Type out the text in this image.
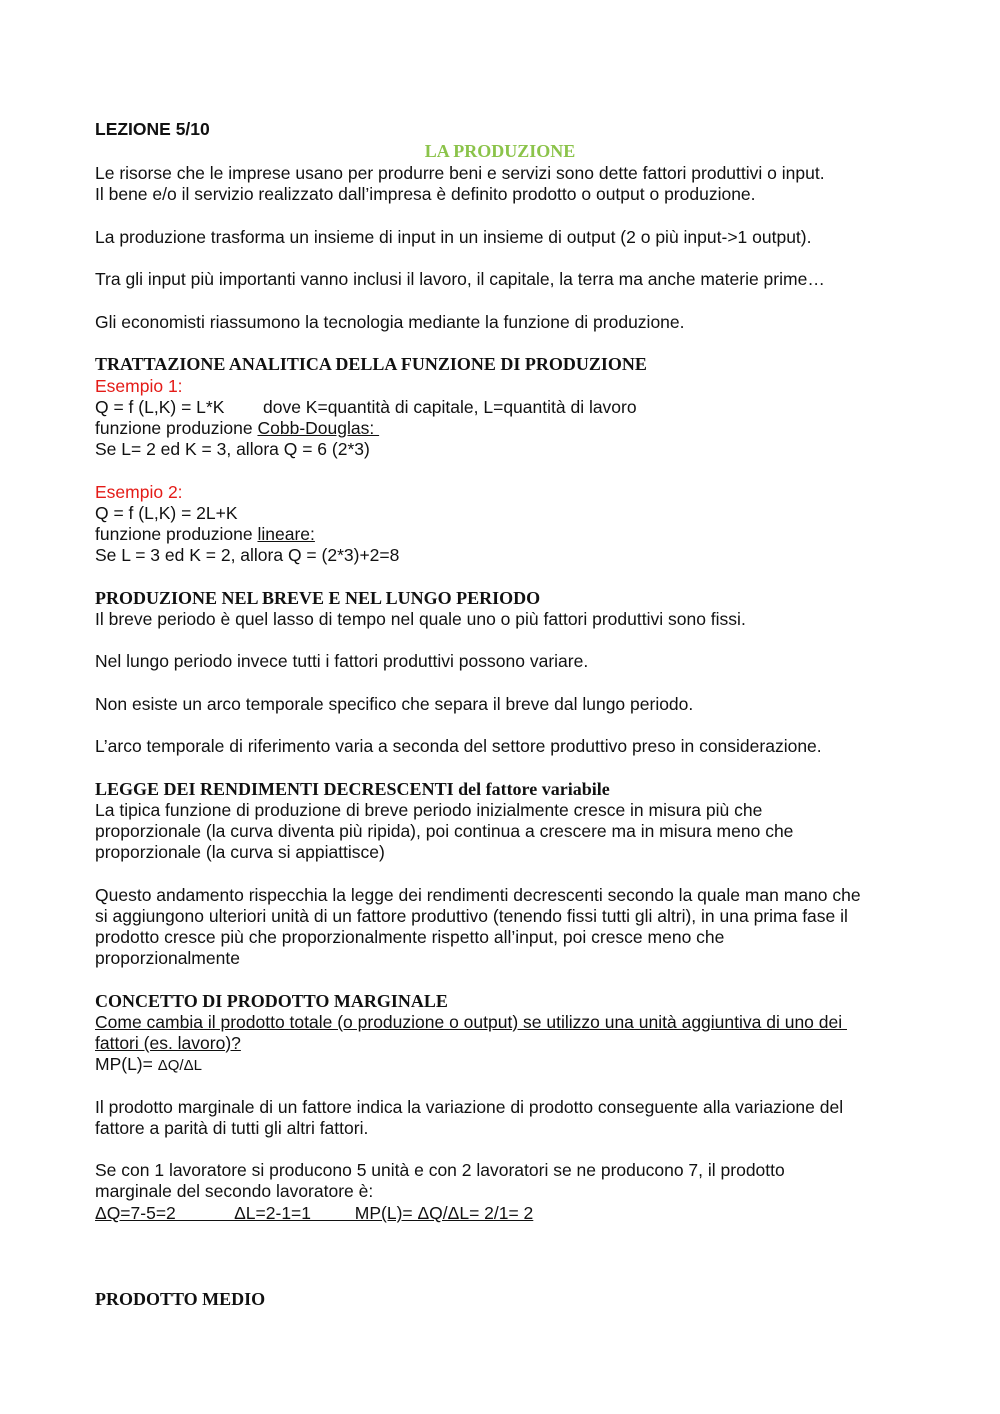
LEZIONE 5/10
LA PRODUZIONE
Le risorse che le imprese usano per produrre beni e servizi sono dette fattori produttivi o input.
Il bene e/o il servizio realizzato dall’impresa è definito prodotto o output o produzione.
La produzione trasforma un insieme di input in un insieme di output (2 o più input->1 output).
Tra gli input più importanti vanno inclusi il lavoro, il capitale, la terra ma anche materie prime…
Gli economisti riassumono la tecnologia mediante la funzione di produzione.
TRATTAZIONE ANALITICA DELLA FUNZIONE DI PRODUZIONE
Esempio 1:
Q = f (L,K) = L*K dove K=quantità di capitale, L=quantità di lavoro
funzione produzione Cobb-Douglas:
Se L= 2 ed K = 3, allora Q = 6 (2*3)
Esempio 2:
Q = f (L,K) = 2L+K
funzione produzione lineare:
Se L = 3 ed K = 2, allora Q = (2*3)+2=8
PRODUZIONE NEL BREVE E NEL LUNGO PERIODO
Il breve periodo è quel lasso di tempo nel quale uno o più fattori produttivi sono fissi.
Nel lungo periodo invece tutti i fattori produttivi possono variare.
Non esiste un arco temporale specifico che separa il breve dal lungo periodo.
L’arco temporale di riferimento varia a seconda del settore produttivo preso in considerazione.
LEGGE DEI RENDIMENTI DECRESCENTI del fattore variabile
La tipica funzione di produzione di breve periodo inizialmente cresce in misura più che
proporzionale (la curva diventa più ripida), poi continua a crescere ma in misura meno che
proporzionale (la curva si appiattisce)
Questo andamento rispecchia la legge dei rendimenti decrescenti secondo la quale man mano che
si aggiungono ulteriori unità di un fattore produttivo (tenendo fissi tutti gli altri), in una prima fase il
prodotto cresce più che proporzionalmente rispetto all’input, poi cresce meno che
proporzionalmente
CONCETTO DI PRODOTTO MARGINALE
Come cambia il prodotto totale (o produzione o output) se utilizzo una unità aggiuntiva di uno dei
fattori (es. lavoro)?
MP(L)= ΔQ/ΔL
Il prodotto marginale di un fattore indica la variazione di prodotto conseguente alla variazione del
fattore a parità di tutti gli altri fattori.
Se con 1 lavoratore si producono 5 unità e con 2 lavoratori se ne producono 7, il prodotto
marginale del secondo lavoratore è:
ΔQ=7-5=2            ΔL=2-1=1         MP(L)= ΔQ/ΔL= 2/1= 2
PRODOTTO MEDIO
